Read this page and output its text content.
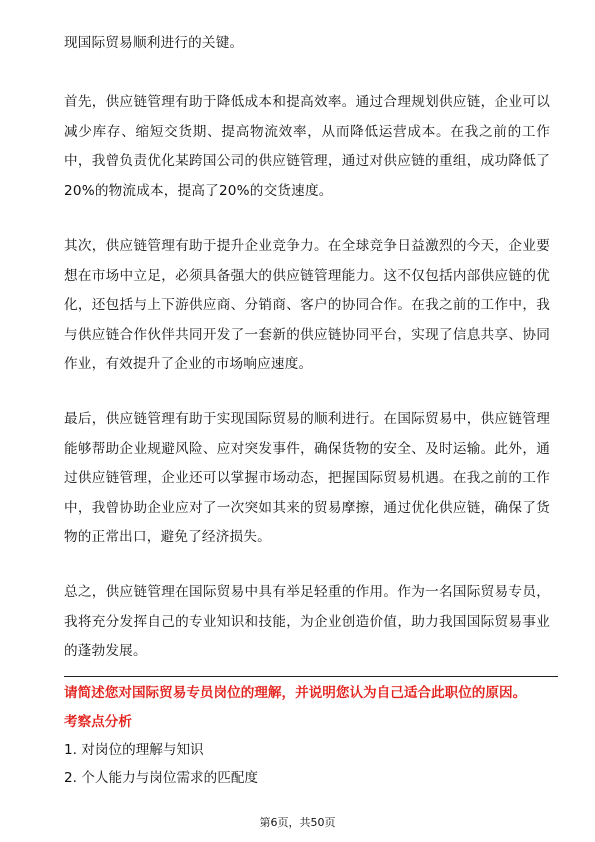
现国际贸易顺利进行的关键。

首先，供应链管理有助于降低成本和提高效率。通过合理规划供应链，企业可以减少库存、缩短交货期、提高物流效率，从而降低运营成本。在我之前的工作中，我曾负责优化某跨国公司的供应链管理，通过对供应链的重组，成功降低了20%的物流成本，提高了20%的交货速度。

其次，供应链管理有助于提升企业竞争力。在全球竞争日益激烈的今天，企业要想在市场中立足，必须具备强大的供应链管理能力。这不仅包括内部供应链的优化，还包括与上下游供应商、分销商、客户的协同合作。在我之前的工作中，我与供应链合作伙伴共同开发了一套新的供应链协同平台，实现了信息共享、协同作业，有效提升了企业的市场响应速度。

最后，供应链管理有助于实现国际贸易的顺利进行。在国际贸易中，供应链管理能够帮助企业规避风险、应对突发事件，确保货物的安全、及时运输。此外，通过供应链管理，企业还可以掌握市场动态，把握国际贸易机遇。在我之前的工作中，我曾协助企业应对了一次突如其来的贸易摩擦，通过优化供应链，确保了货物的正常出口，避免了经济损失。

总之，供应链管理在国际贸易中具有举足轻重的作用。作为一名国际贸易专员，我将充分发挥自己的专业知识和技能，为企业创造价值，助力我国国际贸易事业的蓬勃发展。

请简述您对国际贸易专员岗位的理解，并说明您认为自己适合此职位的原因。

考察点分析

1. 对岗位的理解与知识

2. 个人能力与岗位需求的匹配度

第6页，共50页
